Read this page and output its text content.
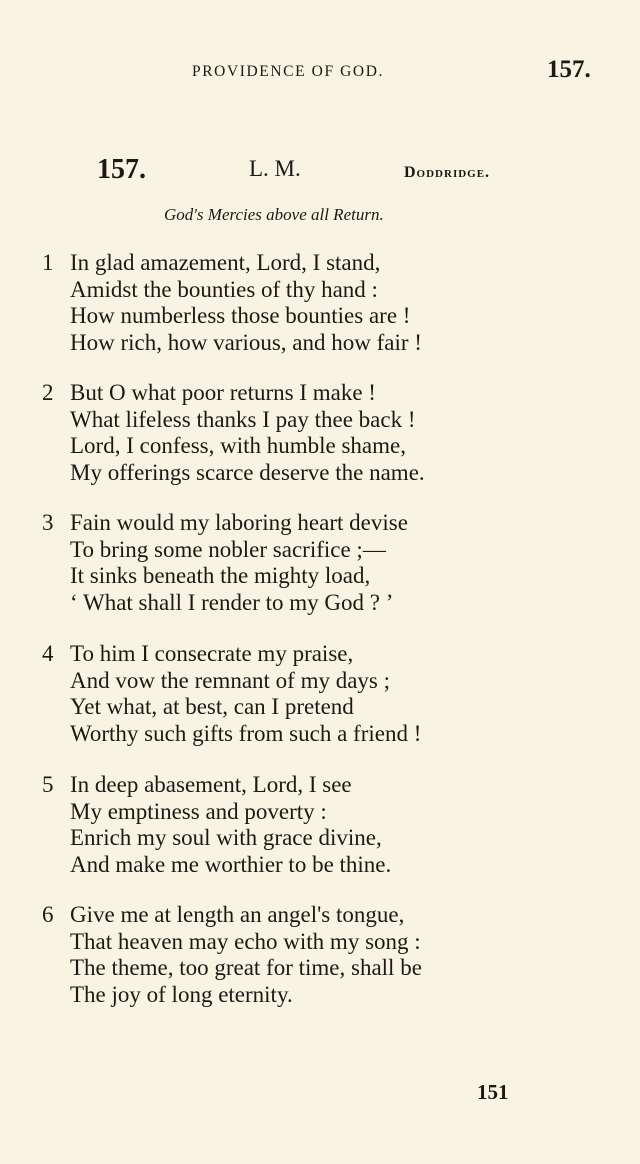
PROVIDENCE OF GOD.	157.
157.	L. M.	Doddridge.
God's Mercies above all Return.
1 In glad amazement, Lord, I stand,
Amidst the bounties of thy hand :
How numberless those bounties are !
How rich, how various, and how fair !
2 But O what poor returns I make !
What lifeless thanks I pay thee back !
Lord, I confess, with humble shame,
My offerings scarce deserve the name.
3 Fain would my laboring heart devise
To bring some nobler sacrifice ;—
It sinks beneath the mighty load,
‘ What shall I render to my God ? ’
4 To him I consecrate my praise,
And vow the remnant of my days ;
Yet what, at best, can I pretend
Worthy such gifts from such a friend !
5 In deep abasement, Lord, I see
My emptiness and poverty :
Enrich my soul with grace divine,
And make me worthier to be thine.
6 Give me at length an angel's tongue,
That heaven may echo with my song :
The theme, too great for time, shall be
The joy of long eternity.
151
